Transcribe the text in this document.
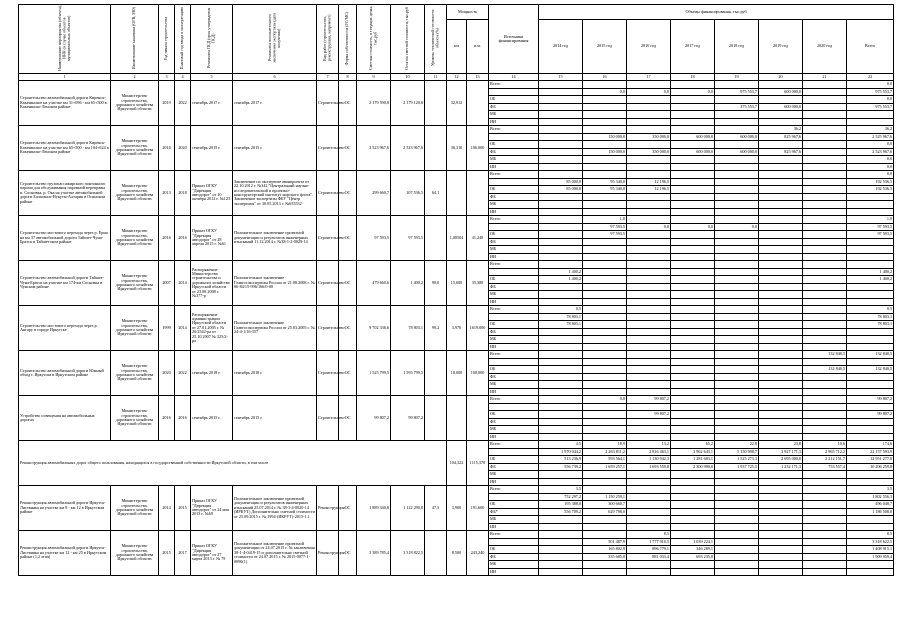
Наименование мероприятия (объекта), ИНН (в случае объектов муниципальных объектов)	Наименование заказчика (ОГВ, МО)	Год начала строительства	Плановый год ввода в эксплуатацию	Реквизиты ПСД (срок утверждения ПСД)	Реквизиты положительного заключения экспертизы (дата получения)	Вид работ (строительство, реконструкция, капремонт)	Форма собственности (ГС/МС)	Сметная стоимость, в текущих ценах, тыс.руб	Остаток сметной стоимости, тыс.руб	Уровень технической готовности объекта (%)	Мощность		Источники финансирования	Объемы финансирования, тыс.руб							
											км	п.м.		2014 год	2015 год	2016 год	2017 год	2018 год	2019 год	2020 год	Всего
1	2	3	4	5	6	7	8	9	10	11	12	13	14	15	16	17	18	19	20	21	22
Строительство автомобильной дороги Киренск-Казачинское на участке км 31+096 - км 65+500 в Казачинско-Ленском районе	Министерство строительства, дорожного хозяйства Иркутской области	2019	2022	сентябрь 2017 г.	сентябрь 2017 г.	Строительство	ОС	2 179 590,8	2 179 120,8		32,912		Всего								0,0
															0,0	0,0	0,0	975 553,7	600 000,0		975 553,7
													ОБ								0,0
													ФБ					375 553,7	600 000,0		975 553,7
													МБ								
													ИИ								
Строительство автомобильной дороги Киренск-Казачинское на участке км 65+500 - км 104+624 в Казачинско-Ленском районе	Министерство строительства, дорожного хозяйства Иркутской области	2016	2020	сентябрь 2015 г.	сентябрь 2015 г.	Строительство	ОС	2 523 967,6	2 523 967,6		36,310	106,000	Всего						36,2		36,2
															150 000,0	350 000,0	600 000,0	600 000,0	825 967,6		2 525 967,6
													ОБ								0,0
													ФБ		150 000,0	350 000,0	600 000,0	600 000,0	825 967,6		2 523 967,6
													МБ								0,0
													ИИ								0,0
Строительство грузопассажирского понтонного парома для обслуживания паромной переправы п. Сосновка, р. Ока на участке автомобильной дороги Балаганск-Нукуты-Алтарик в Осинском районе	Министерство строительства, дорожного хозяйства Иркутской области	2013	2018	Приказ ОГКУ "Дирекция автодорог" от 10 октября 2012 г. №123	Заключение по экспертизе аванпроекта от 22.10.2012 г. №342 "Центральный научно-исследовательский и проектно-конструкторский институт морского флота". Заключение экспертизы ФБУ "Центр экспертизы" от 30.05.2013 г. №655532	Строительство	ОС	299 660,7	107 536,5	64,1			Всего								0,0
														85 000,0	95 340,0	12 196,5					192 536,5
													ОБ	85 000,0	95 340,0	12 196,5					192 536,5
													ФБ								
													МБ								
													ИИ								
Строительство мостового перехода через р. Ерма на км 37 автомобильной дороги Тайшет-Чуна-Братск в Тайшетском районе	Министерство строительства, дорожного хозяйства Иркутской области	2016	2016	Приказ ОГКУ "Дирекция автодорог" от 28 апреля 2015 г. №61	Положительное заключение проектной документации и результатов инженерных изысканий 11.12.2014 г. №38-1-2-0029-14	Строительство	ОС	97 593,5	97 593,5		1,00504	41,240	Всего		1,0						1,0
															97 593,5	0,0	0,0	0,0			97 593,5
													ОБ		97 593,5						97 593,5
													ФБ								
													МБ								
													ИИ								
Строительство автомобильной дороги Тайшет-Чуна-Братск на участке км 174-км Сосновка в Чунском районе	Министерство строительства, дорожного хозяйства Иркутской области	2007	2014	Распоряжение Министерства строительства и дорожного хозяйства Иркутской области от 23.08.2008 г. №377-р	Положительное заключение Главгосэкспертизы России от 21.08.2008 г. № 06-84/15-996/166/0-00	Строительство	ОС	479 660,6	1 400,2	90,0	15,600	35,380	Всего								
														1 400,2							1 400,2
													ОБ	1 400,2							1 400,2
													ФБ								
													МБ								
													ИИ								
Строительство мостового перехода через р. Ангару в городе Иркутске	Министерство строительства, дорожного хозяйства Иркутской области	1999	2014	Распоряжение администрации Иркутской области от 27.01.2005 г. № 20/2542-ра от 25.10.2007 № 325/2-ра	Положительное заключение Главгосэкспертизы России от 25.03.2005 г. № 24-4-1/16-357	Строительство	ОС	9 702 336,6	78 803,1	99,2	3,970	1619,000	Всего	0,5							0,5
														78 803,1							78 803,1
													ОБ	78 803,1							78 803,1
													ФБ								
													МБ								
													ИИ								
Строительство автомобильной дороги Южный обход г. Иркутска в Иркутском районе	Министерство строительства, дорожного хозяйства Иркутской области	2020	2022	сентябрь 2018 г.	сентябрь 2018 г.	Строительство	ОС	1 525 799,5	1 595 799,5		10,000	100,000	Всего							132 840,5	132 840,5

													ОБ							132 840,5	132 840,5
													ФБ								
													МБ								
													ИИ								
Устройство освещения на автомобильных дорогах	Министерство строительства, дорожного хозяйства Иркутской области	2016	2016	сентябрь 2015 г.	сентябрь 2015 г.	Строительство	ОС	99 807,2	99 807,2				Всего		0,0	99 807,2					99 807,2

													ОБ			99 807,2					99 807,2
													ФБ								
													МБ								
													ИИ								
Реконструкция автомобильных дорог общего пользования, находящихся в государственной собственности Иркутской области, в том числе											104,322	1115,370	Всего	4,5	18,9	13,2	65,2	22,8	23,8	10,6	174,6
														1 970 044,2	2 263 811,2	2 816 463,1	3 962 643,1	5 150 998,7	3 927 171,3	2 965 712,2	22 157 593,9
													ОБ	513 236,9	593 564,1	1 130 942,3	1 281 683,1	1 525 273,3	2 695 000,0	2 212 151,7	12 951 277,8
													ФБ	556 739,2	1 659 257,1	1 693 559,8	2 300 990,0	1 937 725,5	1 232 171,3	753 557,4	10 206 259,8
													МБ								
													ИИ								
Реконструкция автомобильной дороги Иркутск-Листвянка на участке км 8 - км 12 в Иркутском районе	Министерство строительства, дорожного хозяйства Иркутской области	2014	2015	Приказ ОГКУ "Дирекция автодорог" от 24 мая 2013 г. №69	Положительное заключение проектной документации и результатов инженерных изысканий 25.07.2014 г. № 38-1-4-0020-14 (ИРКУТ) Дополнительно сметной стоимости от 25.09.2015 г. № 1994-(ИКРУТ)-2015-1.1	Реконструкция	ОС	1 889 340,8	1 122 290,8	47,5	3,900	191,600	Всего	3,5							3,5
														752 297,2	1 150 259,1						1 802 556,3
													ОБ	195 388,0	300 660,7						496 048,7
													ФБ*	556 709,2	629 798,0						1 186 508,0
													МБ								
													ИИ								
Реконструкция автомобильной дороги Иркутск-Листвянка на участке км 12 - км 25 в Иркутском районе (1,2 этап)	Министерство строительства, дорожного хозяйства Иркутской области	2015	2017	Приказ ОГКУ "Дирекция автодорог" от 27 марта 2013 г. № 79	Положительное заключение проектной документации от 24.07.2015 г. № заключения 38-1-4-0419-15 и дополнительно сметной стоимости от 24.07.2015 г. № 2015-0077-1-0090(1)	Реконструкция	ОС	3 389 785,4	3 318 822,5		8,500	243,240	Всего			8,5					8,5
															501 487,9	1 777 910,5	1 039 224,1				3 318 622,5
													ОБ		165 802,9	896 779,1	346 289,1				1 408 915,1
													ФБ		335 685,0	881 033,4	693 235,0				1 909 959,4
													МБ								
													ИИ								
